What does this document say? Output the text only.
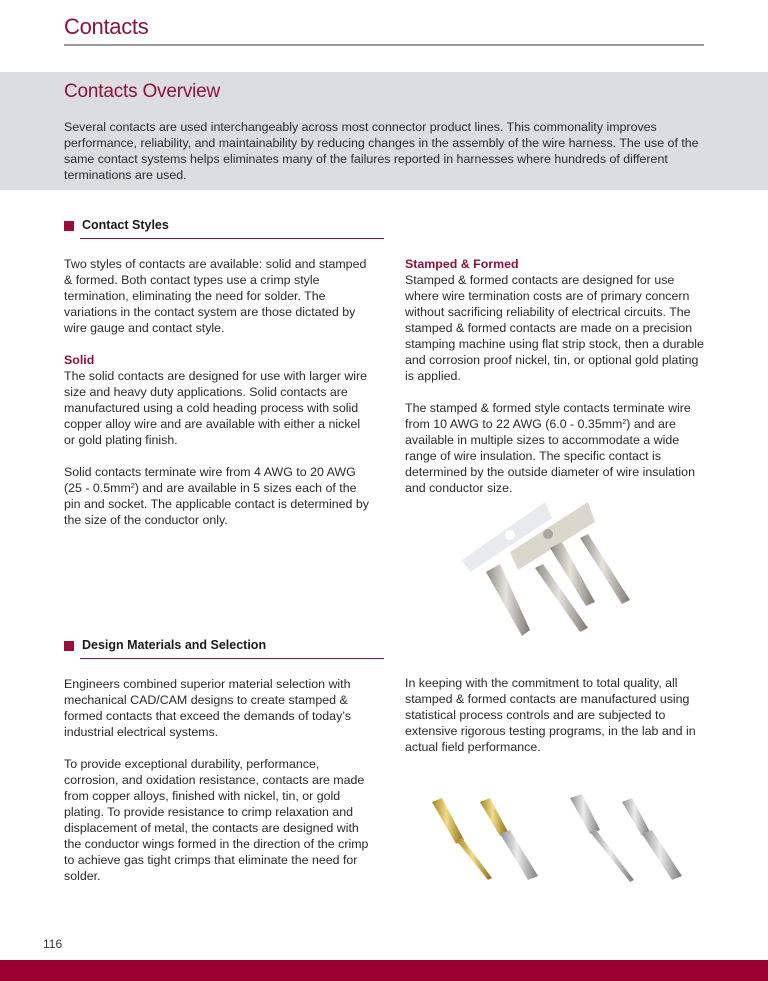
Contacts
Contacts Overview
Several contacts are used interchangeably across most connector product lines. This commonality improves performance, reliability, and maintainability by reducing changes in the assembly of the wire harness. The use of the same contact systems helps eliminates many of the failures reported in harnesses where hundreds of different terminations are used.
Contact Styles

Two styles of contacts are available: solid and stamped & formed. Both contact types use a crimp style termination, eliminating the need for solder. The variations in the contact system are those dictated by wire gauge and contact style.

Solid

The solid contacts are designed for use with larger wire size and heavy duty applications. Solid contacts are manufactured using a cold heading process with solid copper alloy wire and are available with either a nickel or gold plating finish.

Solid contacts terminate wire from 4 AWG to 20 AWG $(25 - 0.5mm^2)$ and are available in 5 sizes each of the pin and socket. The applicable contact is determined by the size of the conductor only.

Stamped & Formed

Stamped & formed contacts are designed for use where wire termination costs are of primary concern without sacrificing reliability of electrical circuits. The stamped & formed contacts are made on a precision stamping machine using flat strip stock, then a durable and corrosion proof nickel, tin, or optional gold plating is applied.

The stamped & formed style contacts terminate wire from 10 AWG to 22 AWG $(6.0 - 0.35mm^2)$ and are available in multiple sizes to accommodate a wide range of wire insulation. The specific contact is determined by the outside diameter of wire insulation and conductor size.

Design Materials and Selection

Engineers combined superior material selection with mechanical CAD/CAM designs to create stamped & formed contacts that exceed the demands of today’s industrial electrical systems.

To provide exceptional durability, performance, corrosion, and oxidation resistance, contacts are made from copper alloys, finished with nickel, tin, or gold plating. To provide resistance to crimp relaxation and displacement of metal, the contacts are designed with the conductor wings formed in the direction of the crimp to achieve gas tight crimps that eliminate the need for solder.

In keeping with the commitment to total quality, all stamped & formed contacts are manufactured using statistical process controls and are subjected to extensive rigorous testing programs, in the lab and in actual field performance.

116
